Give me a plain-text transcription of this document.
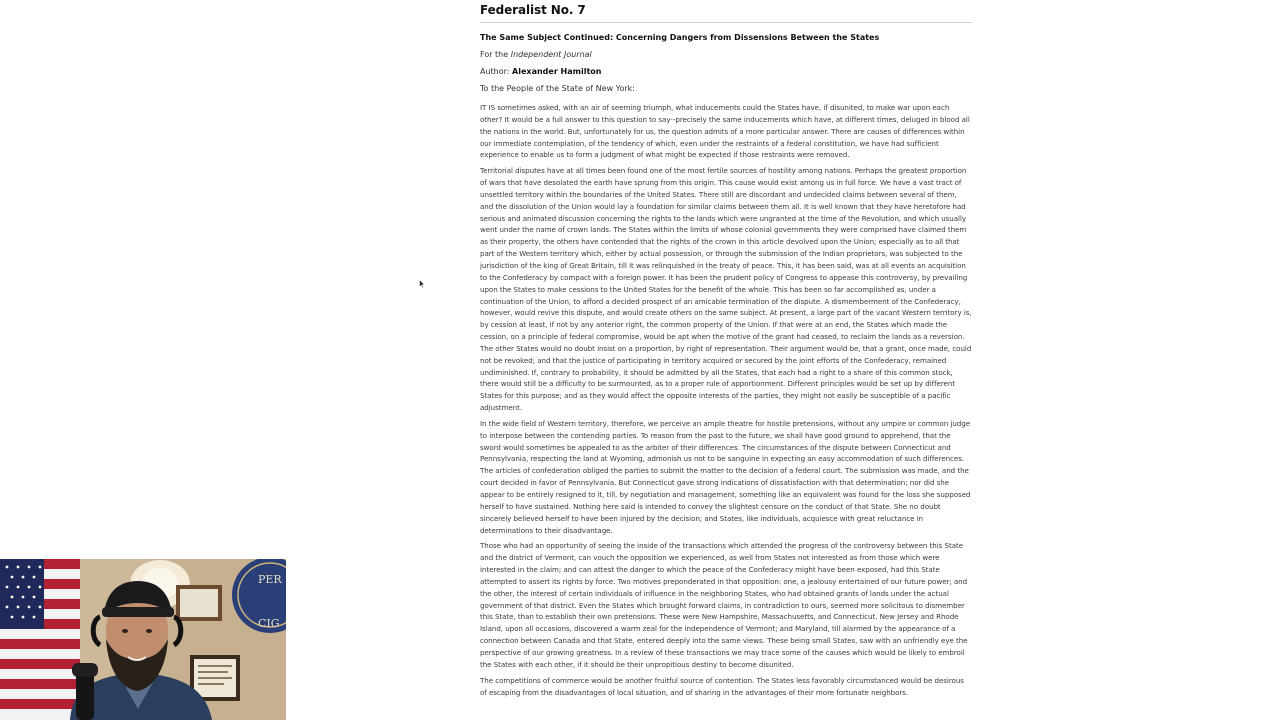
Federalist No. 7
The Same Subject Continued: Concerning Dangers from Dissensions Between the States
For the Independent Journal
Author: Alexander Hamilton
To the People of the State of New York:

IT IS sometimes asked, with an air of seeming triumph, what inducements could the States have, if disunited, to make war upon each other? It would be a full answer to this question to say--precisely the same inducements which have, at different times, deluged in blood all the nations in the world. But, unfortunately for us, the question admits of a more particular answer. There are causes of differences within our immediate contemplation, of the tendency of which, even under the restraints of a federal constitution, we have had sufficient experience to enable us to form a judgment of what might be expected if those restraints were removed.

Territorial disputes have at all times been found one of the most fertile sources of hostility among nations. Perhaps the greatest proportion of wars that have desolated the earth have sprung from this origin. This cause would exist among us in full force. We have a vast tract of unsettled territory within the boundaries of the United States. There still are discordant and undecided claims between several of them, and the dissolution of the Union would lay a foundation for similar claims between them all. It is well known that they have heretofore had serious and animated discussion concerning the rights to the lands which were ungranted at the time of the Revolution, and which usually went under the name of crown lands. The States within the limits of whose colonial governments they were comprised have claimed them as their property, the others have contended that the rights of the crown in this article devolved upon the Union; especially as to all that part of the Western territory which, either by actual possession, or through the submission of the Indian proprietors, was subjected to the jurisdiction of the king of Great Britain, till it was relinquished in the treaty of peace. This, it has been said, was at all events an acquisition to the Confederacy by compact with a foreign power. It has been the prudent policy of Congress to appease this controversy, by prevailing upon the States to make cessions to the United States for the benefit of the whole. This has been so far accomplished as, under a continuation of the Union, to afford a decided prospect of an amicable termination of the dispute. A dismemberment of the Confederacy, however, would revive this dispute, and would create others on the same subject. At present, a large part of the vacant Western territory is, by cession at least, if not by any anterior right, the common property of the Union. If that were at an end, the States which made the cession, on a principle of federal compromise, would be apt when the motive of the grant had ceased, to reclaim the lands as a reversion. The other States would no doubt insist on a proportion, by right of representation. Their argument would be, that a grant, once made, could not be revoked; and that the justice of participating in territory acquired or secured by the joint efforts of the Confederacy, remained undiminished. If, contrary to probability, it should be admitted by all the States, that each had a right to a share of this common stock, there would still be a difficulty to be surmounted, as to a proper rule of apportionment. Different principles would be set up by different States for this purpose; and as they would affect the opposite interests of the parties, they might not easily be susceptible of a pacific adjustment.

In the wide field of Western territory, therefore, we perceive an ample theatre for hostile pretensions, without any umpire or common judge to interpose between the contending parties. To reason from the past to the future, we shall have good ground to apprehend, that the sword would sometimes be appealed to as the arbiter of their differences. The circumstances of the dispute between Connecticut and Pennsylvania, respecting the land at Wyoming, admonish us not to be sanguine in expecting an easy accommodation of such differences. The articles of confederation obliged the parties to submit the matter to the decision of a federal court. The submission was made, and the court decided in favor of Pennsylvania. But Connecticut gave strong indications of dissatisfaction with that determination; nor did she appear to be entirely resigned to it, till, by negotiation and management, something like an equivalent was found for the loss she supposed herself to have sustained. Nothing here said is intended to convey the slightest censure on the conduct of that State. She no doubt sincerely believed herself to have been injured by the decision; and States, like individuals, acquiesce with great reluctance in determinations to their disadvantage.

Those who had an opportunity of seeing the inside of the transactions which attended the progress of the controversy between this State and the district of Vermont, can vouch the opposition we experienced, as well from States not interested as from those which were interested in the claim; and can attest the danger to which the peace of the Confederacy might have been exposed, had this State attempted to assert its rights by force. Two motives preponderated in that opposition: one, a jealousy entertained of our future power; and the other, the interest of certain individuals of influence in the neighboring States, who had obtained grants of lands under the actual government of that district. Even the States which brought forward claims, in contradiction to ours, seemed more solicitous to dismember this State, than to establish their own pretensions. These were New Hampshire, Massachusetts, and Connecticut. New Jersey and Rhode Island, upon all occasions, discovered a warm zeal for the independence of Vermont; and Maryland, till alarmed by the appearance of a connection between Canada and that State, entered deeply into the same views. These being small States, saw with an unfriendly eye the perspective of our growing greatness. In a review of these transactions we may trace some of the causes which would be likely to embroil the States with each other, if it should be their unpropitious destiny to become disunited.

The competitions of commerce would be another fruitful source of contention. The States less favorably circumstanced would be desirous of escaping from the disadvantages of local situation, and of sharing in the advantages of their more fortunate neighbors.

PER
CIG
